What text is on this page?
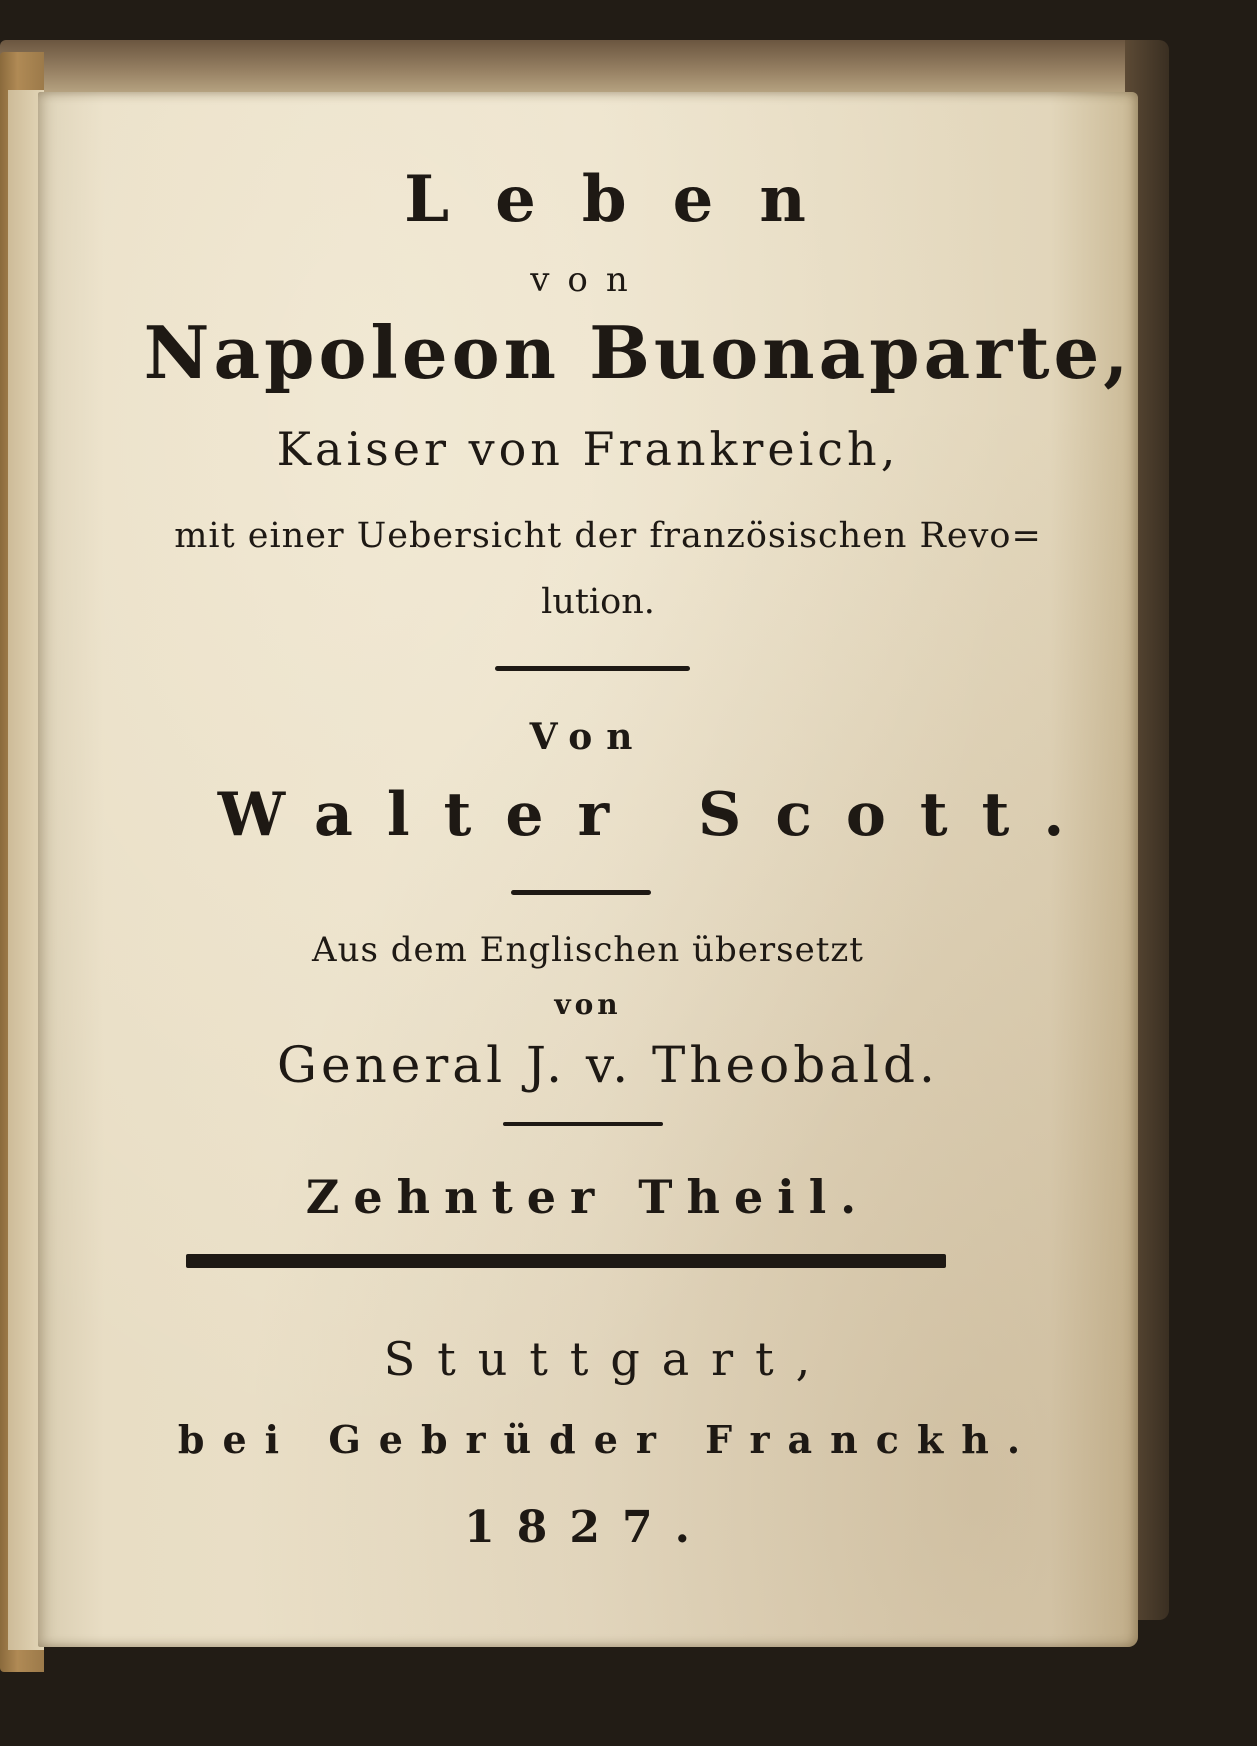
Leben
von
Napoleon Buonaparte,
Kaiser von Frankreich,
mit einer Uebersicht der französischen Revo=
lution.
Von
Walter Scott.
Aus dem Englischen übersetzt
von
General J. v. Theobald.
Zehnter Theil.
Stuttgart,
bei Gebrüder Franckh.
1827.
